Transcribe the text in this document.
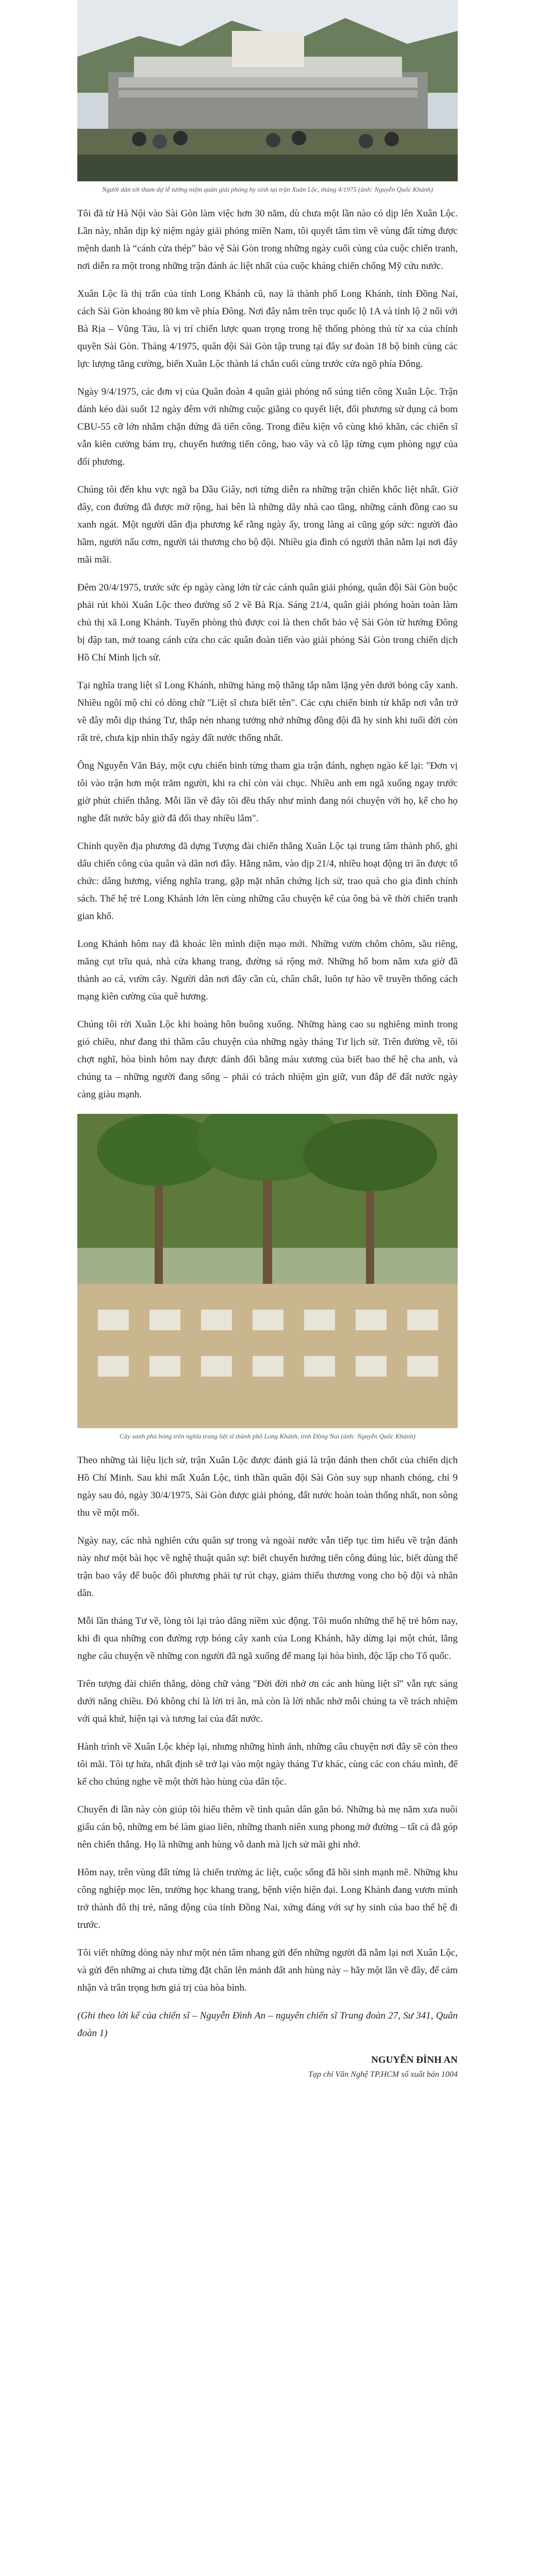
Người dân tới tham dự lễ tưởng niệm quân giải phóng hy sinh tại trận Xuân Lộc, tháng 4/1975 (ảnh: Nguyễn Quốc Khánh)

Tôi đã từ Hà Nội vào Sài Gòn làm việc hơn 30 năm, dù chưa một lần nào có dịp lên Xuân Lộc. Lần này, nhân dịp kỷ niệm ngày giải phóng miền Nam, tôi quyết tâm tìm về vùng đất từng được mệnh danh là “cánh cửa thép” bảo vệ Sài Gòn trong những ngày cuối cùng của cuộc chiến tranh, nơi diễn ra một trong những trận đánh ác liệt nhất của cuộc kháng chiến chống Mỹ cứu nước.

Xuân Lộc là thị trấn của tỉnh Long Khánh cũ, nay là thành phố Long Khánh, tỉnh Đồng Nai, cách Sài Gòn khoảng 80 km về phía Đông. Nơi đây nằm trên trục quốc lộ 1A và tỉnh lộ 2 nối với Bà Rịa – Vũng Tàu, là vị trí chiến lược quan trọng trong hệ thống phòng thủ từ xa của chính quyền Sài Gòn. Tháng 4/1975, quân đội Sài Gòn tập trung tại đây sư đoàn 18 bộ binh cùng các lực lượng tăng cường, biến Xuân Lộc thành lá chắn cuối cùng trước cửa ngõ phía Đông.

Ngày 9/4/1975, các đơn vị của Quân đoàn 4 quân giải phóng nổ súng tiến công Xuân Lộc. Trận đánh kéo dài suốt 12 ngày đêm với những cuộc giằng co quyết liệt, đối phương sử dụng cả bom CBU-55 cỡ lớn nhằm chặn đứng đà tiến công. Trong điều kiện vô cùng khó khăn, các chiến sĩ vẫn kiên cường bám trụ, chuyển hướng tiến công, bao vây và cô lập từng cụm phòng ngự của đối phương.

Chúng tôi đến khu vực ngã ba Dầu Giây, nơi từng diễn ra những trận chiến khốc liệt nhất. Giờ đây, con đường đã được mở rộng, hai bên là những dãy nhà cao tầng, những cánh đồng cao su xanh ngát. Một người dân địa phương kể rằng ngày ấy, trong làng ai cũng góp sức: người đào hầm, người nấu cơm, người tải thương cho bộ đội. Nhiều gia đình có người thân nằm lại nơi đây mãi mãi.

Đêm 20/4/1975, trước sức ép ngày càng lớn từ các cánh quân giải phóng, quân đội Sài Gòn buộc phải rút khỏi Xuân Lộc theo đường số 2 về Bà Rịa. Sáng 21/4, quân giải phóng hoàn toàn làm chủ thị xã Long Khánh. Tuyến phòng thủ được coi là then chốt bảo vệ Sài Gòn từ hướng Đông bị đập tan, mở toang cánh cửa cho các quân đoàn tiến vào giải phóng Sài Gòn trong chiến dịch Hồ Chí Minh lịch sử.

Tại nghĩa trang liệt sĩ Long Khánh, những hàng mộ thẳng tắp nằm lặng yên dưới bóng cây xanh. Nhiều ngôi mộ chỉ có dòng chữ "Liệt sĩ chưa biết tên". Các cựu chiến binh từ khắp nơi vẫn trở về đây mỗi dịp tháng Tư, thắp nén nhang tưởng nhớ những đồng đội đã hy sinh khi tuổi đời còn rất trẻ, chưa kịp nhìn thấy ngày đất nước thống nhất.

Ông Nguyễn Văn Bảy, một cựu chiến binh từng tham gia trận đánh, nghẹn ngào kể lại: "Đơn vị tôi vào trận hơn một trăm người, khi ra chỉ còn vài chục. Nhiều anh em ngã xuống ngay trước giờ phút chiến thắng. Mỗi lần về đây tôi đều thấy như mình đang nói chuyện với họ, kể cho họ nghe đất nước bây giờ đã đổi thay nhiều lắm".

Chính quyền địa phương đã dựng Tượng đài chiến thắng Xuân Lộc tại trung tâm thành phố, ghi dấu chiến công của quân và dân nơi đây. Hằng năm, vào dịp 21/4, nhiều hoạt động tri ân được tổ chức: dâng hương, viếng nghĩa trang, gặp mặt nhân chứng lịch sử, trao quà cho gia đình chính sách. Thế hệ trẻ Long Khánh lớn lên cùng những câu chuyện kể của ông bà về thời chiến tranh gian khổ.

Long Khánh hôm nay đã khoác lên mình diện mạo mới. Những vườn chôm chôm, sầu riêng, măng cụt trĩu quả, nhà cửa khang trang, đường sá rộng mở. Những hố bom năm xưa giờ đã thành ao cá, vườn cây. Người dân nơi đây cần cù, chân chất, luôn tự hào về truyền thống cách mạng kiên cường của quê hương.

Chúng tôi rời Xuân Lộc khi hoàng hôn buông xuống. Những hàng cao su nghiêng mình trong gió chiều, như đang thì thầm câu chuyện của những ngày tháng Tư lịch sử. Trên đường về, tôi chợt nghĩ, hòa bình hôm nay được đánh đổi bằng máu xương của biết bao thế hệ cha anh, và chúng ta – những người đang sống – phải có trách nhiệm gìn giữ, vun đắp để đất nước ngày càng giàu mạnh.

Cây xanh phủ bóng trên nghĩa trang liệt sĩ thành phố Long Khánh, tỉnh Đồng Nai (ảnh: Nguyễn Quốc Khánh)

Theo những tài liệu lịch sử, trận Xuân Lộc được đánh giá là trận đánh then chốt của chiến dịch Hồ Chí Minh. Sau khi mất Xuân Lộc, tinh thần quân đội Sài Gòn suy sụp nhanh chóng, chỉ 9 ngày sau đó, ngày 30/4/1975, Sài Gòn được giải phóng, đất nước hoàn toàn thống nhất, non sông thu về một mối.

Ngày nay, các nhà nghiên cứu quân sự trong và ngoài nước vẫn tiếp tục tìm hiểu về trận đánh này như một bài học về nghệ thuật quân sự: biết chuyển hướng tiến công đúng lúc, biết dùng thế trận bao vây để buộc đối phương phải tự rút chạy, giảm thiểu thương vong cho bộ đội và nhân dân.

Mỗi lần tháng Tư về, lòng tôi lại trào dâng niềm xúc động. Tôi muốn những thế hệ trẻ hôm nay, khi đi qua những con đường rợp bóng cây xanh của Long Khánh, hãy dừng lại một chút, lắng nghe câu chuyện về những con người đã ngã xuống để mang lại hòa bình, độc lập cho Tổ quốc.

Trên tượng đài chiến thắng, dòng chữ vàng "Đời đời nhớ ơn các anh hùng liệt sĩ" vẫn rực sáng dưới nắng chiều. Đó không chỉ là lời tri ân, mà còn là lời nhắc nhở mỗi chúng ta về trách nhiệm với quá khứ, hiện tại và tương lai của đất nước.

Hành trình về Xuân Lộc khép lại, nhưng những hình ảnh, những câu chuyện nơi đây sẽ còn theo tôi mãi. Tôi tự hứa, nhất định sẽ trở lại vào một ngày tháng Tư khác, cùng các con cháu mình, để kể cho chúng nghe về một thời hào hùng của dân tộc.

Chuyến đi lần này còn giúp tôi hiểu thêm về tình quân dân gắn bó. Những bà mẹ năm xưa nuôi giấu cán bộ, những em bé làm giao liên, những thanh niên xung phong mở đường – tất cả đã góp nên chiến thắng. Họ là những anh hùng vô danh mà lịch sử mãi ghi nhớ.

Hôm nay, trên vùng đất từng là chiến trường ác liệt, cuộc sống đã hồi sinh mạnh mẽ. Những khu công nghiệp mọc lên, trường học khang trang, bệnh viện hiện đại. Long Khánh đang vươn mình trở thành đô thị trẻ, năng động của tỉnh Đồng Nai, xứng đáng với sự hy sinh của bao thế hệ đi trước.

Tôi viết những dòng này như một nén tâm nhang gửi đến những người đã nằm lại nơi Xuân Lộc, và gửi đến những ai chưa từng đặt chân lên mảnh đất anh hùng này – hãy một lần về đây, để cảm nhận và trân trọng hơn giá trị của hòa bình.

(Ghi theo lời kể của chiến sĩ – Nguyễn Đình An – nguyên chiến sĩ Trung đoàn 27, Sư 341, Quân đoàn 1)

NGUYỄN ĐÌNH AN
Tạp chí Văn Nghệ TP.HCM số xuất bản 1004
